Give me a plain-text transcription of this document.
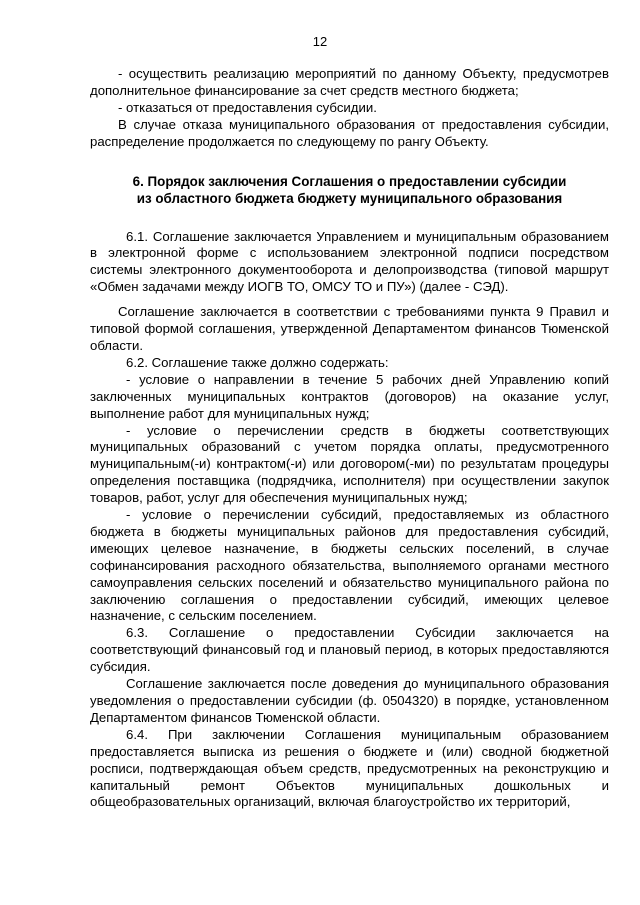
12

- осуществить реализацию мероприятий по данному Объекту, предусмотрев дополнительное финансирование за счет средств местного бюджета;

- отказаться от предоставления субсидии.

В случае отказа муниципального образования от предоставления субсидии, распределение продолжается по следующему по рангу Объекту.

6. Порядок заключения Соглашения о предоставлении субсидии
из областного бюджета бюджету муниципального образования

6.1. Соглашение заключается Управлением и муниципальным образованием в электронной форме с использованием электронной подписи посредством системы электронного документооборота и делопроизводства (типовой маршрут «Обмен задачами между ИОГВ ТО, ОМСУ ТО и ПУ») (далее - СЭД).

Соглашение заключается в соответствии с требованиями пункта 9 Правил и типовой формой соглашения, утвержденной Департаментом финансов Тюменской области.

6.2. Соглашение также должно содержать:

- условие о направлении в течение 5 рабочих дней Управлению копий заключенных муниципальных контрактов (договоров) на оказание услуг, выполнение работ для муниципальных нужд;

- условие о перечислении средств в бюджеты соответствующих муниципальных образований с учетом порядка оплаты, предусмотренного муниципальным(-и) контрактом(-и) или договором(-ми) по результатам процедуры определения поставщика (подрядчика, исполнителя) при осуществлении закупок товаров, работ, услуг для обеспечения муниципальных нужд;

- условие о перечислении субсидий, предоставляемых из областного бюджета в бюджеты муниципальных районов для предоставления субсидий, имеющих целевое назначение, в бюджеты сельских поселений, в случае софинансирования расходного обязательства, выполняемого органами местного самоуправления сельских поселений и обязательство муниципального района по заключению соглашения о предоставлении субсидий, имеющих целевое назначение, с сельским поселением.

6.3. Соглашение о предоставлении Субсидии заключается на соответствующий финансовый год и плановый период, в которых предоставляются субсидия.

Соглашение заключается после доведения до муниципального образования уведомления о предоставлении субсидии (ф. 0504320) в порядке, установленном Департаментом финансов Тюменской области.

6.4. При заключении Соглашения муниципальным образованием предоставляется выписка из решения о бюджете и (или) сводной бюджетной росписи, подтверждающая объем средств, предусмотренных на реконструкцию и капитальный ремонт Объектов муниципальных дошкольных и общеобразовательных организаций, включая благоустройство их территорий,
